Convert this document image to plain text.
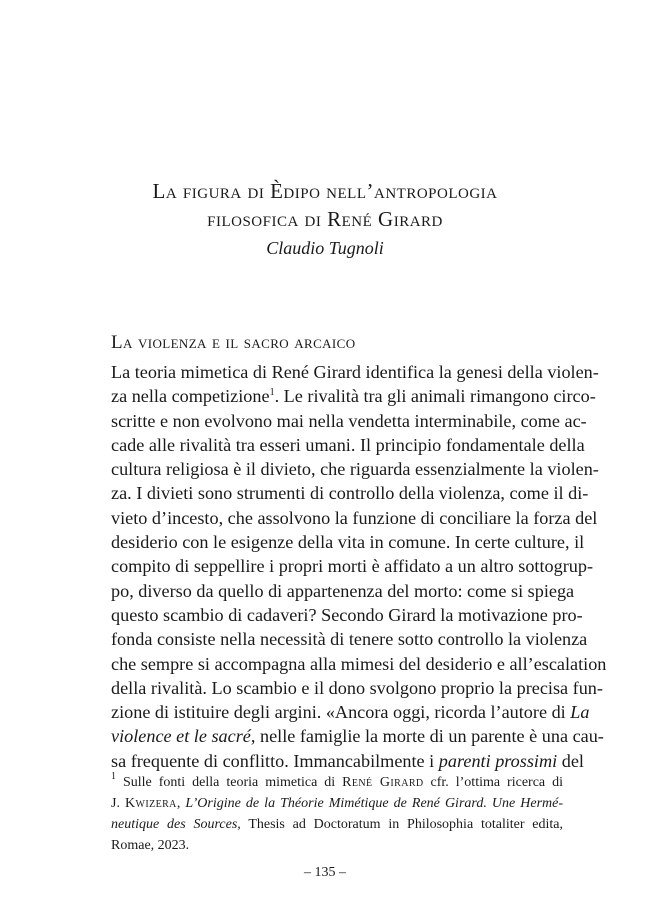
La figura di Èdipo nell’antropologia
filosofica di René Girard
Claudio Tugnoli
La violenza e il sacro arcaico
La teoria mimetica di René Girard identifica la genesi della violen-
za nella competizione$^1$. Le rivalità tra gli animali rimangono circo-
scritte e non evolvono mai nella vendetta interminabile, come ac-
cade alle rivalità tra esseri umani. Il principio fondamentale della
cultura religiosa è il divieto, che riguarda essenzialmente la violen-
za. I divieti sono strumenti di controllo della violenza, come il di-
vieto d’incesto, che assolvono la funzione di conciliare la forza del
desiderio con le esigenze della vita in comune. In certe culture, il
compito di seppellire i propri morti è affidato a un altro sottogrup-
po, diverso da quello di appartenenza del morto: come si spiega
questo scambio di cadaveri? Secondo Girard la motivazione pro-
fonda consiste nella necessità di tenere sotto controllo la violenza
che sempre si accompagna alla mimesi del desiderio e all’escalation
della rivalità. Lo scambio e il dono svolgono proprio la precisa fun-
zione di istituire degli argini. «Ancora oggi, ricorda l’autore di La
violence et le sacré, nelle famiglie la morte di un parente è una cau-
sa frequente di conflitto. Immancabilmente i parenti prossimi del
$^1$ Sulle fonti della teoria mimetica di René Girard cfr. l’ottima ricerca di
J. Kwizera, L’Origine de la Théorie Mimétique de René Girard. Une Hermé-
neutique des Sources, Thesis ad Doctoratum in Philosophia totaliter edita,
Romae, 2023.
– 135 –
